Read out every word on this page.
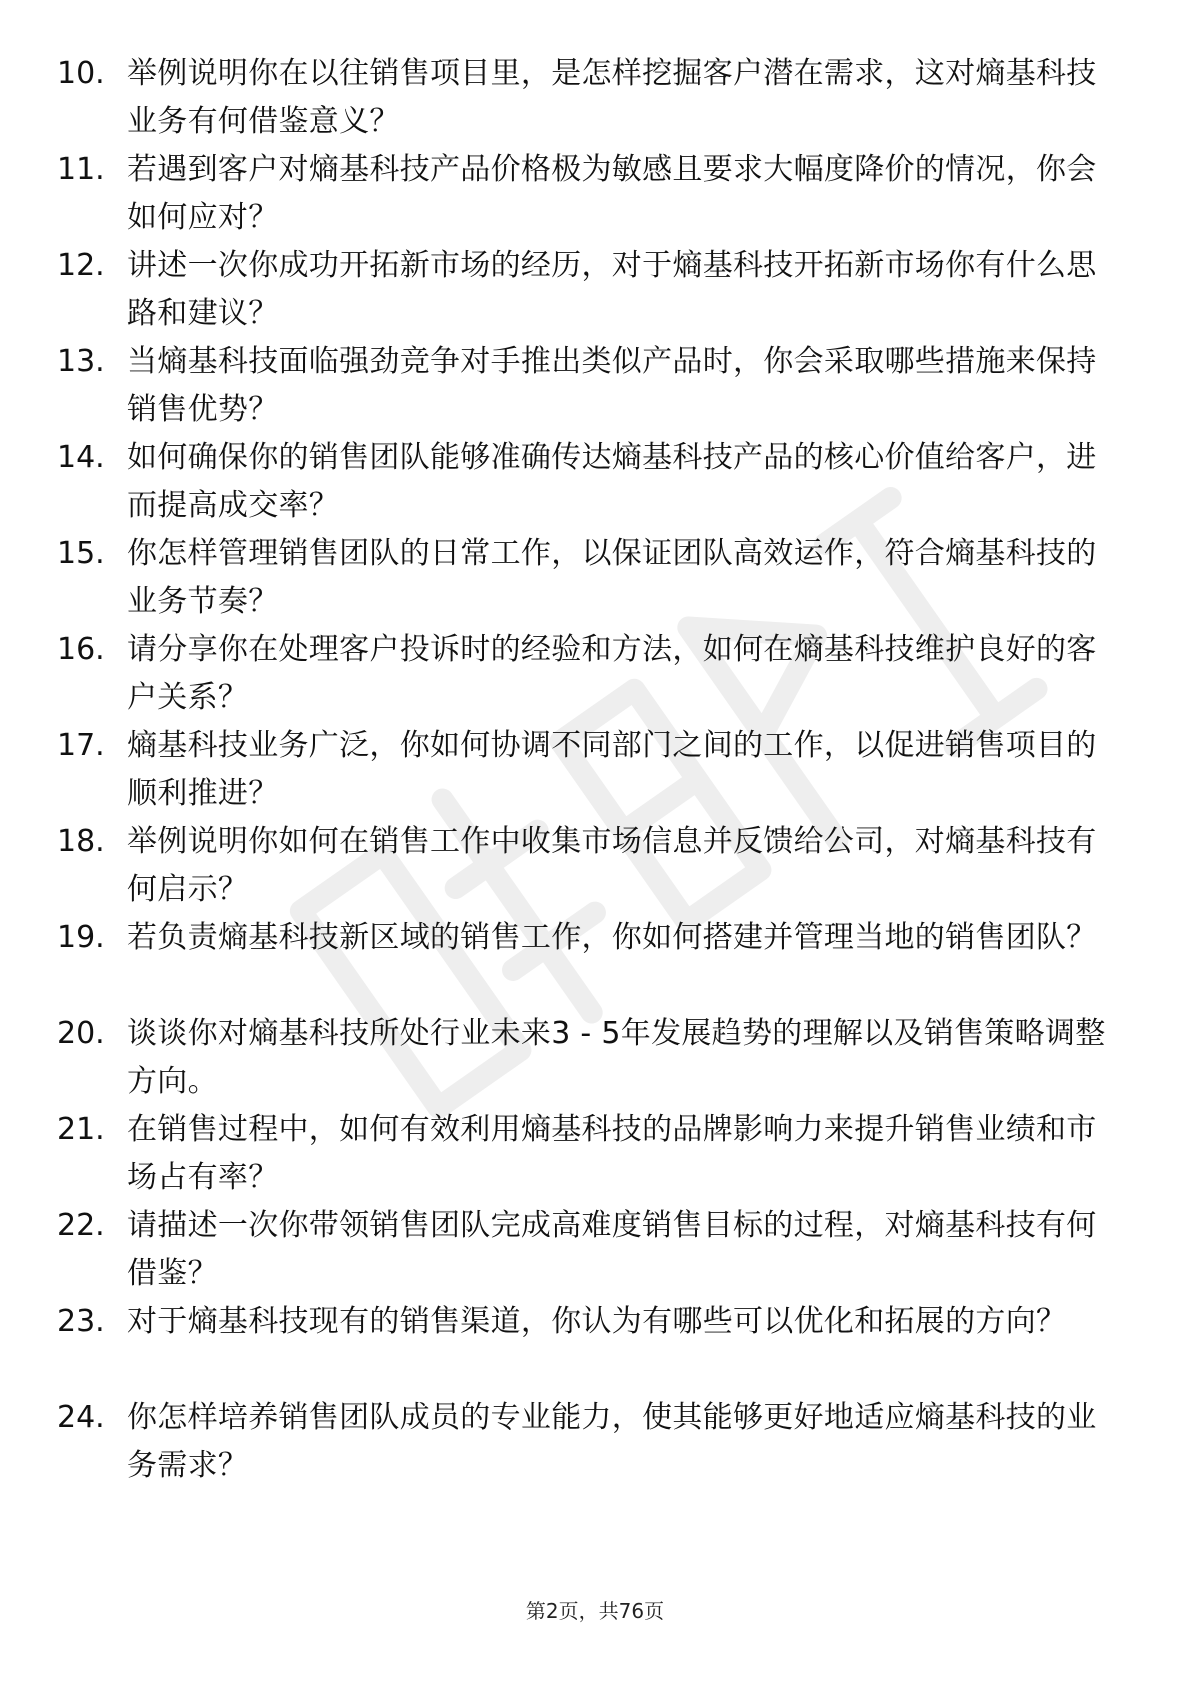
10. 举例说明你在以往销售项目里，是怎样挖掘客户潜在需求，这对熵基科技业务有何借鉴意义？
11. 若遇到客户对熵基科技产品价格极为敏感且要求大幅度降价的情况，你会如何应对？
12. 讲述一次你成功开拓新市场的经历，对于熵基科技开拓新市场你有什么思路和建议？
13. 当熵基科技面临强劲竞争对手推出类似产品时，你会采取哪些措施来保持销售优势？
14. 如何确保你的销售团队能够准确传达熵基科技产品的核心价值给客户，进而提高成交率？
15. 你怎样管理销售团队的日常工作，以保证团队高效运作，符合熵基科技的业务节奏？
16. 请分享你在处理客户投诉时的经验和方法，如何在熵基科技维护良好的客户关系？
17. 熵基科技业务广泛，你如何协调不同部门之间的工作，以促进销售项目的顺利推进？
18. 举例说明你如何在销售工作中收集市场信息并反馈给公司，对熵基科技有何启示？
19. 若负责熵基科技新区域的销售工作，你如何搭建并管理当地的销售团队？
20. 谈谈你对熵基科技所处行业未来3 - 5年发展趋势的理解以及销售策略调整方向。
21. 在销售过程中，如何有效利用熵基科技的品牌影响力来提升销售业绩和市场占有率？
22. 请描述一次你带领销售团队完成高难度销售目标的过程，对熵基科技有何借鉴？
23. 对于熵基科技现有的销售渠道，你认为有哪些可以优化和拓展的方向？
24. 你怎样培养销售团队成员的专业能力，使其能够更好地适应熵基科技的业务需求？
第2页，共76页
